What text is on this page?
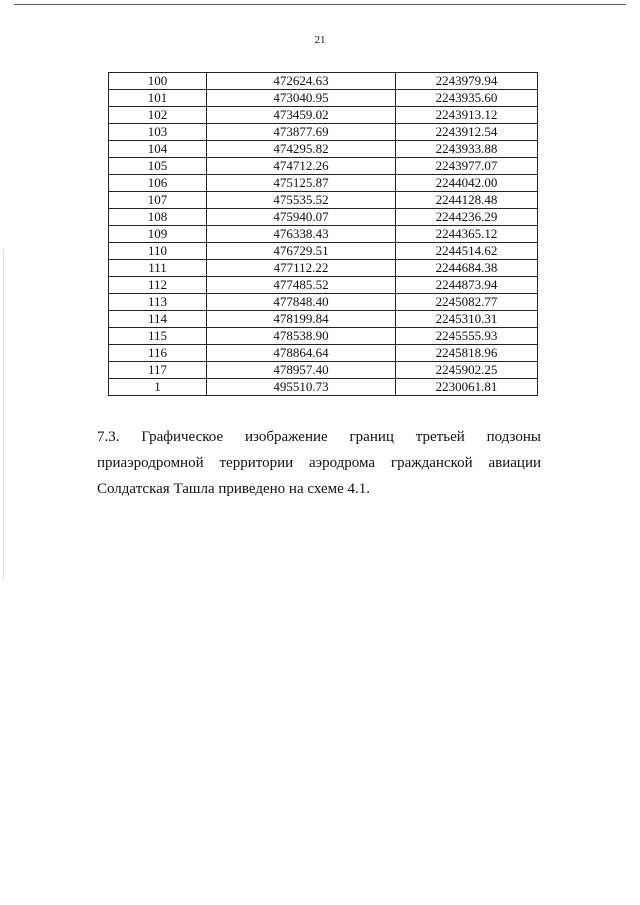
21
100	472624.63	2243979.94
101	473040.95	2243935.60
102	473459.02	2243913.12
103	473877.69	2243912.54
104	474295.82	2243933.88
105	474712.26	2243977.07
106	475125.87	2244042.00
107	475535.52	2244128.48
108	475940.07	2244236.29
109	476338.43	2244365.12
110	476729.51	2244514.62
111	477112.22	2244684.38
112	477485.52	2244873.94
113	477848.40	2245082.77
114	478199.84	2245310.31
115	478538.90	2245555.93
116	478864.64	2245818.96
117	478957.40	2245902.25
1	495510.73	2230061.81
7.3. Графическое изображение границ третьей подзоны приаэродромной территории аэродрома гражданской авиации Солдатская Ташла приведено на схеме 4.1.
